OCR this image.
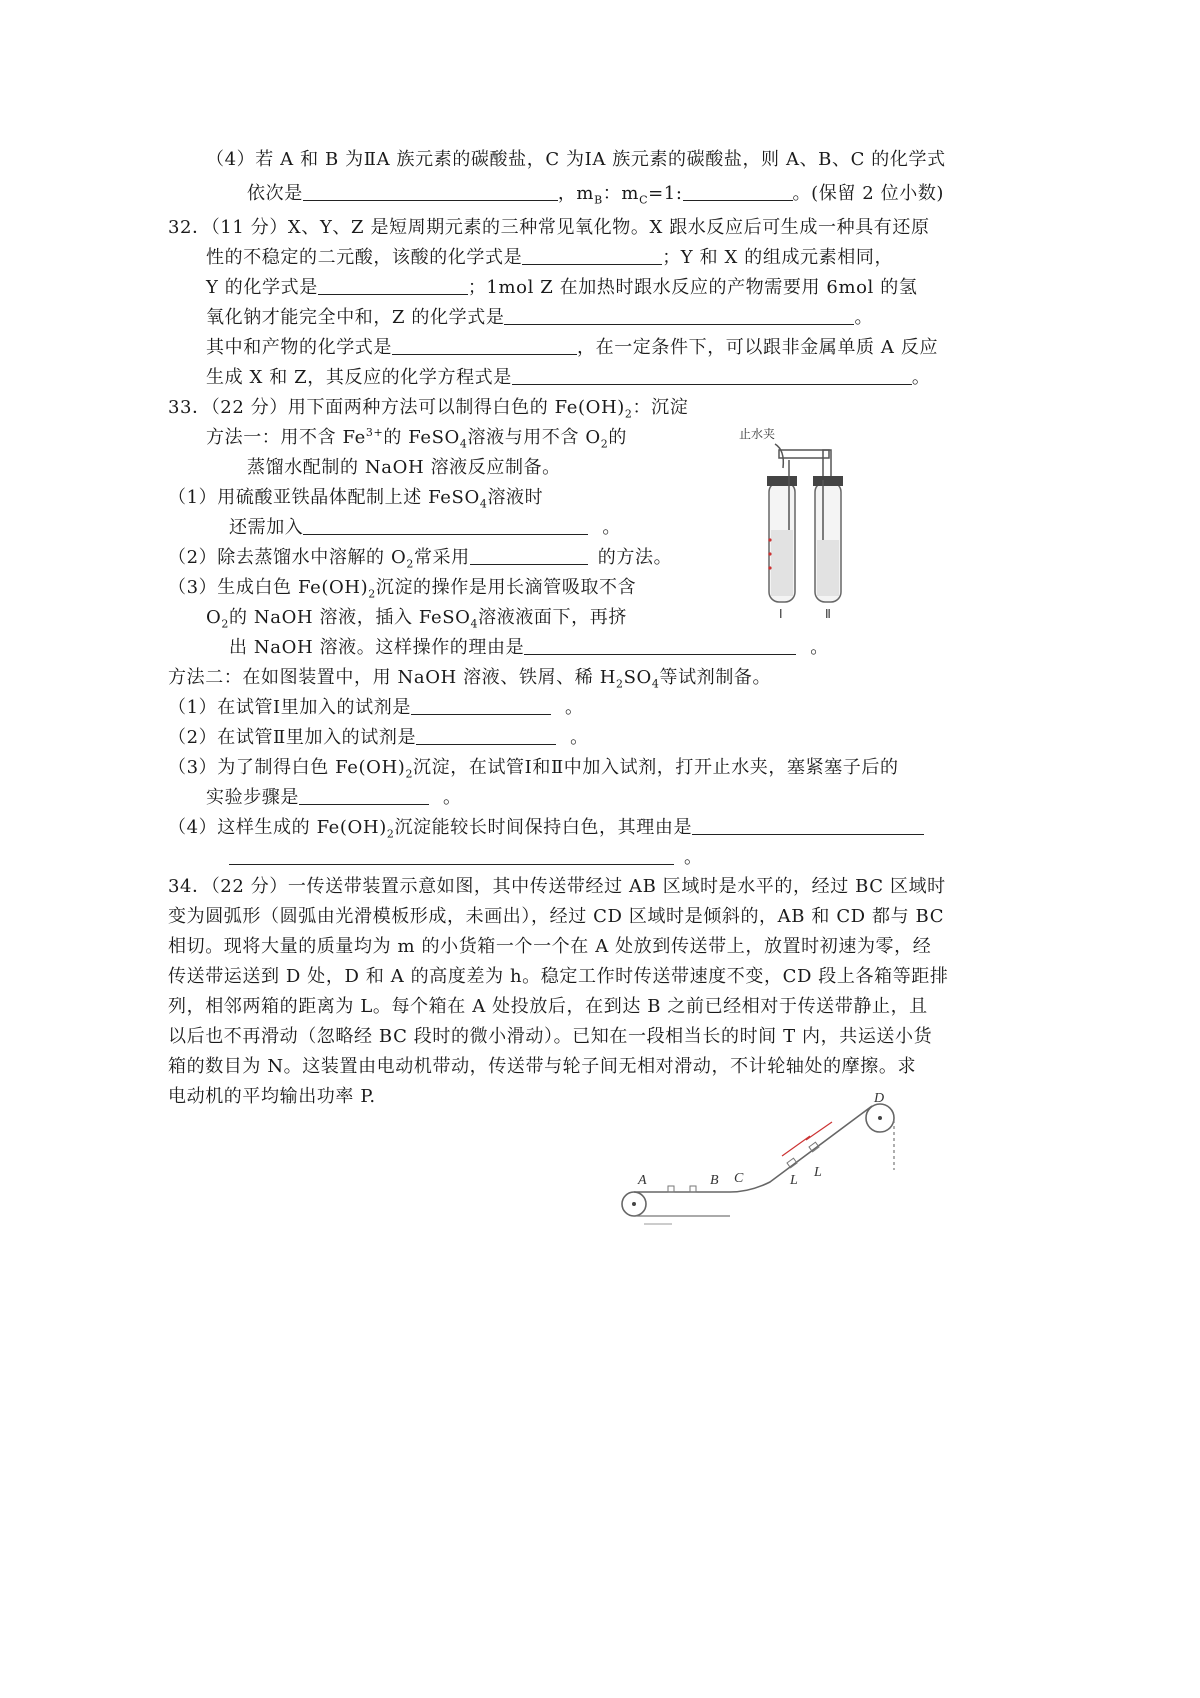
（4）若 A 和 B 为ⅡA 族元素的碳酸盐，C 为ⅠA 族元素的碳酸盐，则 A、B、C 的化学式
依次是	，$m_B$：$m_C=1$:	。(保留 2 位小数)
32．（11 分）X、Y、Z 是短周期元素的三种常见氧化物。X 跟水反应后可生成一种具有还原
性的不稳定的二元酸，该酸的化学式是	；Y 和 X 的组成元素相同，
Y 的化学式是	；1mol Z 在加热时跟水反应的产物需要用 6mol 的氢
氧化钠才能完全中和，Z 的化学式是	。
其中和产物的化学式是	，在一定条件下，可以跟非金属单质 A 反应
生成 X 和 Z，其反应的化学方程式是	。
33．（22 分）用下面两种方法可以制得白色的 $Fe(OH)_2$：沉淀
方法一：用不含 $Fe^{3+}$的 FeSO$_4$溶液与用不含 $O_2$的
蒸馏水配制的 NaOH 溶液反应制备。
（1）用硫酸亚铁晶体配制上述 FeSO$_4$溶液时
还需加入	。
（2）除去蒸馏水中溶解的 $O_2$常采用	的方法。
（3）生成白色 $Fe(OH)_2$沉淀的操作是用长滴管吸取不含
$O_2$的 NaOH 溶液，插入 FeSO$_4$溶液液面下，再挤
出 NaOH 溶液。这样操作的理由是	。
方法二：在如图装置中，用 NaOH 溶液、铁屑、稀 $H_2SO_4$等试剂制备。
（1）在试管Ⅰ里加入的试剂是	。
（2）在试管Ⅱ里加入的试剂是	。
（3）为了制得白色 $Fe(OH)_2$沉淀，在试管Ⅰ和Ⅱ中加入试剂，打开止水夹，塞紧塞子后的
实验步骤是	。
（4）这样生成的 $Fe(OH)_2$沉淀能较长时间保持白色，其理由是
。
止水夹
Ⅰ	Ⅱ
34．（22 分）一传送带装置示意如图，其中传送带经过 AB 区域时是水平的，经过 BC 区域时
变为圆弧形（圆弧由光滑模板形成，未画出），经过 CD 区域时是倾斜的，AB 和 CD 都与 BC
相切。现将大量的质量均为 m 的小货箱一个一个在 A 处放到传送带上，放置时初速为零，经
传送带运送到 D 处，D 和 A 的高度差为 h。稳定工作时传送带速度不变，CD 段上各箱等距排
列，相邻两箱的距离为 L。每个箱在 A 处投放后，在到达 B 之前已经相对于传送带静止，且
以后也不再滑动（忽略经 BC 段时的微小滑动）。已知在一段相当长的时间 T 内，共运送小货
箱的数目为 N。这装置由电动机带动，传送带与轮子间无相对滑动，不计轮轴处的摩擦。求
电动机的平均输出功率 P.
A	B C
D
L
L
